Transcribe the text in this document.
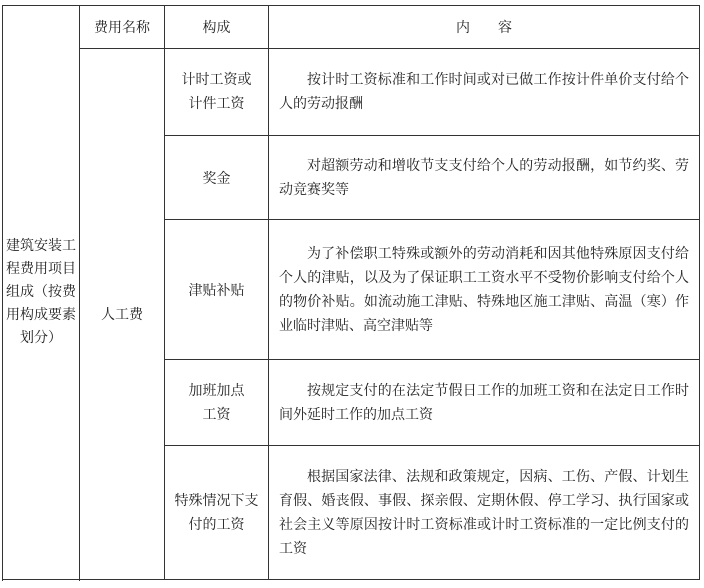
建筑安装工程费用项目组成（按费用构成要素划分）	费用名称	构成	内容
	人工费	计时工资或计件工资	按计时工资标准和工作时间或对已做工作按计件单价支付给个人的劳动报酬
		奖金	对超额劳动和增收节支支付给个人的劳动报酬，如节约奖、劳动竞赛奖等
		津贴补贴	为了补偿职工特殊或额外的劳动消耗和因其他特殊原因支付给个人的津贴，以及为了保证职工工资水平不受物价影响支付给个人的物价补贴。如流动施工津贴、特殊地区施工津贴、高温（寒）作业临时津贴、高空津贴等
		加班加点工资	按规定支付的在法定节假日工作的加班工资和在法定日工作时间外延时工作的加点工资
		特殊情况下支付的工资	根据国家法律、法规和政策规定，因病、工伤、产假、计划生育假、婚丧假、事假、探亲假、定期休假、停工学习、执行国家或社会主义等原因按计时工资标准或计时工资标准的一定比例支付的工资
